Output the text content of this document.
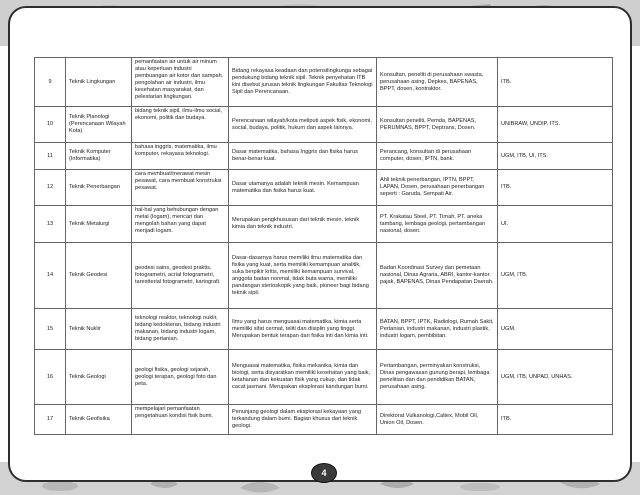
9	Teknik Lingkungan	pemanfaatan air untuk air minum atau keperluan industri pembuangan air kotor dan sampah. pengolahan air industri, ilmu kesehatan masyarakat, dan pelestarian lingkungan.	Bidang rekayasa keadaan dan potensilingkunga sebagai pendukung bidang teknik sipil. Teknik penyehatan ITB kini disebut jurusan teknik lingkungan Fakultas Teknologi Sipil dan Perencanaan.	Konsultan, peneliti di perusahaan swasta, perusahaan asing, Depkes, BAPENAS, BPPT, dosen, kontraktor.	ITB.
10	Teknik Planologi (Perencanaan Wilayah Kota)	bidang teknik sipil, ilmu-ilmu social, ekonomi, politik dan budaya.	Perencanaan wilayah/kota meliputi aspek fisik, ekonomi, social, budaya, politik, hukum dan aspek lainnya.	Konsultan peneliti, Pemda, BAPENAS, PERUMNAS, BPPT, Deptrans, Dosen.	UNIBRAW, UNDIP, ITS.
11	Teknik Komputer (Informatika)	bahasa inggris, matematika, ilmu komputer, rekayasa teknologi.	Dasar matematika, bahasa Inggris dan fisika harus benar-benar kuat.	Perancang, konsultan di perusahaan computer, dosen, IPTN, bank.	UGM, ITB, UI, ITS.
12	Teknik Penerbangan	cara membuat/merawat mesin pesawat, cara membuat konstruksi pesawat.	Dasar utamanya adalah teknik mesin. Kemampuan matematika dan fisika harus kuat.	Ahli teknik penerbangan, IPTN, BPPT, LAPAN, Dosen, perusahaan penerbangan seperti : Garuda, Sempati Air.	ITB.
13	Teknik Metalurgi	hal-hal yang behubungan dengan metal (logam), mencari dan mengolah bahan yang dapat menjadi logam.	Merupakan pengkhususan dari teknik mesin, teknik kimia dan teknik industri.	PT. Krakatau Steel, PT. Timah, PT. aneka tambang, lembaga geologi, pertambangan nasional, dosen.	UI.
14	Teknik Geodesi	geodesi sains, geodesi praktis, fotogrametri, acrial fotogrametri, tarestterial fotogrametri, kartografi.	Dasar-dasarnya harus memiliki ilmu matematika dan fisika yang kuat, serta memiliki kemampuan analitik, suka berpikir kritis, memiliki kemampuan survival, anggota badan nonmal, tidak buta warna, memiliki pandangan sterioskopik yang baik, pioneer bagi bidang teknik sipil.	Badan Koordinasi Survey dan pemetaan nasional, Dinas Agraria, ABRI, kantor-kantor pajak, BAPENAS, Dinas Pendapatan Daerah.	UGM, ITB.
15	Teknik Nuklir	teknologi reaktor, teknologi nuklir, bidang kedokteran, bidang industri makanan, bidang industri logam, bidang pertanian.	Ilmu yang harus menguasai matematika, kimia serta memiliki sifat cermat, teliti dan disiplin yang tinggi. Merupakan bentuk terapan dari fisika inti dan kimia inti.	BATAN, BPPT, IPTK, Radiologi, Rumah Sakit, Pertanian, industri makanan, industri plastik, industri logam, pembibitan.	UGM.
16	Teknik Geologi	geologi fisika, geologi sejarah, geologi terapan, geologi foto dan peta.	Menguasai matematika, fisika mekanika, kimia dan biologi, serta disyaratkan memiliki kesehatan yang baik, ketahanan dan kekuatan fisik yang cukup, dan tidak cacat jasmani. Merupakan eksplorasi kandungan bumi.	Pertambangan, perminyakan konstruksi, Dinas pengawasan gunung berapi, lembaga penelitian dan dan pendidikan BATAN, perusahaan asing.	UGM, ITB, UNPAD, UNHAS.
17	Teknik Geofisika	mempelajari pemanfaatan pengetahuan kondisi fisik bumi.	Penunjang geologi dalam eksplorasi kekayaan yang terkandung dalam bumi. Bagian khusus dari teknik geologi.	Direktorat Vulkanologi,Caltex, Mobil Oil, Union Oil, Dosen.	ITB.
4
